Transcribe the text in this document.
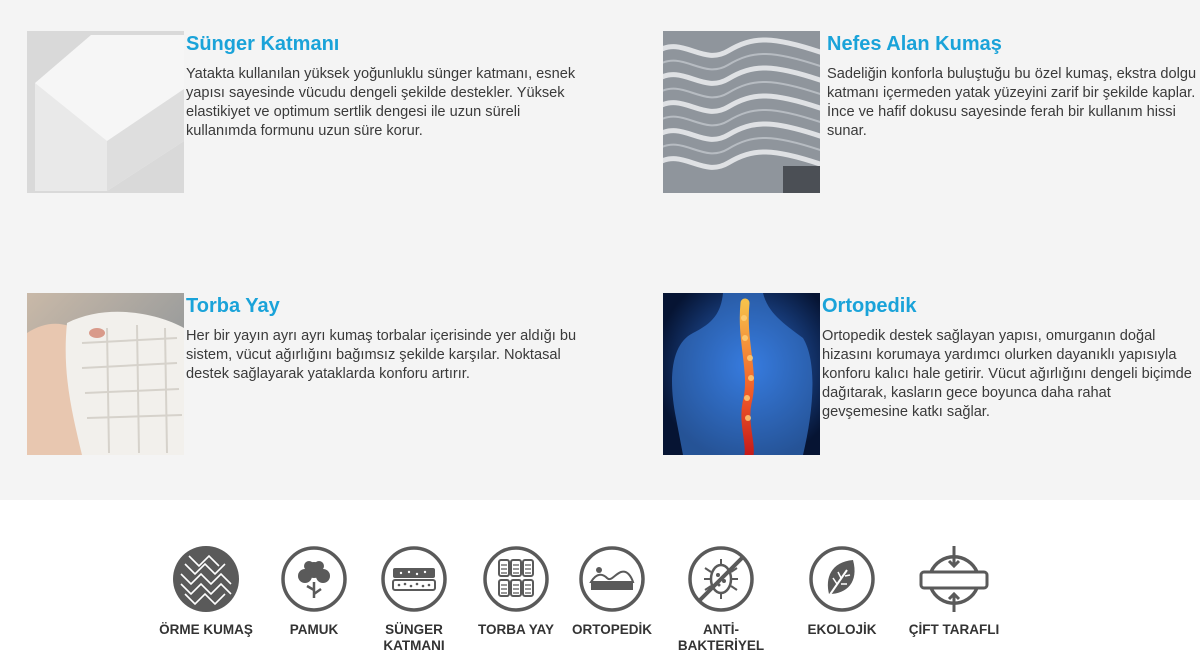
Sünger Katmanı
Yatakta kullanılan yüksek yoğunluklu sünger katmanı, esnek yapısı sayesinde vücudu dengeli şekilde destekler. Yüksek elastikiyet ve optimum sertlik dengesi ile uzun süreli kullanımda formunu uzun süre korur.
Nefes Alan Kumaş
Sadeliğin konforla buluştuğu bu özel kumaş, ekstra dolgu katmanı içermeden yatak yüzeyini zarif bir şekilde kaplar. İnce ve hafif dokusu sayesinde ferah bir kullanım hissi sunar.
Torba Yay
Her bir yayın ayrı ayrı kumaş torbalar içerisinde yer aldığı bu sistem, vücut ağırlığını bağımsız şekilde karşılar. Noktasal destek sağlayarak yataklarda konforu artırır.
Ortopedik
Ortopedik destek sağlayan yapısı, omurganın doğal hizasını korumaya yardımcı olurken dayanıklı yapısıyla konforu kalıcı hale getirir. Vücut ağırlığını dengeli biçimde dağıtarak, kasların gece boyunca daha rahat gevşemesine katkı sağlar.
ÖRME KUMAŞ	PAMUK	SÜNGER KATMANI
TORBA YAY	ORTOPEDİK	ANTİ-BAKTERİYEL
EKOLOJİK	ÇİFT TARAFLI
